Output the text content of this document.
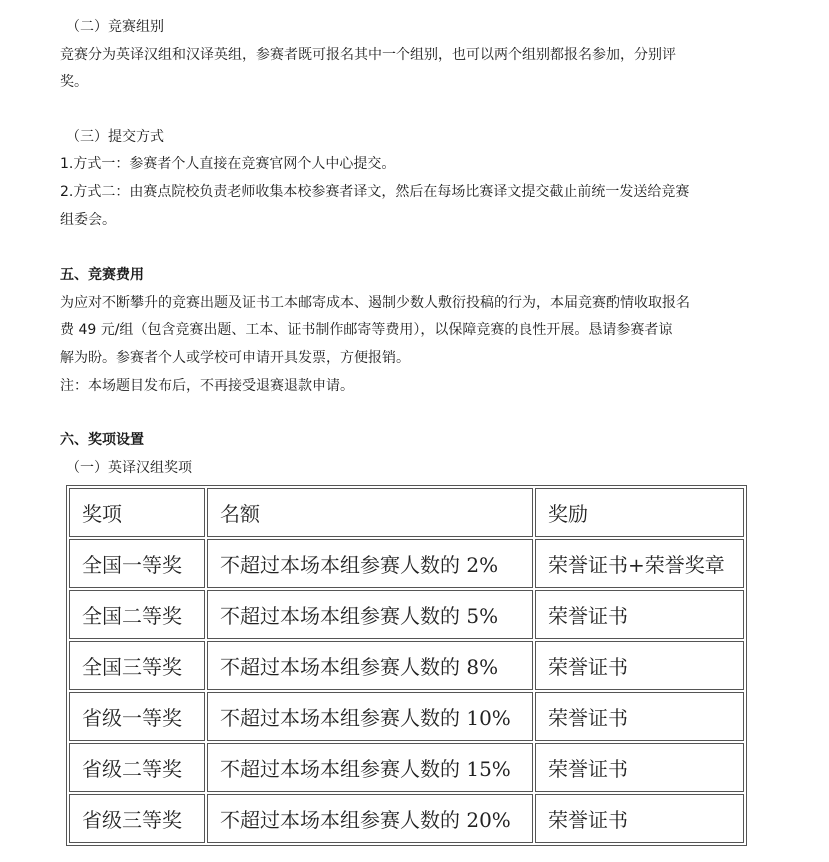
（二）竞赛组别

竞赛分为英译汉组和汉译英组，参赛者既可报名其中一个组别，也可以两个组别都报名参加，分别评

奖。

（三）提交方式

1.方式一：参赛者个人直接在竞赛官网个人中心提交。

2.方式二：由赛点院校负责老师收集本校参赛者译文，然后在每场比赛译文提交截止前统一发送给竞赛

组委会。

五、竞赛费用

为应对不断攀升的竞赛出题及证书工本邮寄成本、遏制少数人敷衍投稿的行为，本届竞赛酌情收取报名

费 49 元/组（包含竞赛出题、工本、证书制作邮寄等费用），以保障竞赛的良性开展。恳请参赛者谅

解为盼。参赛者个人或学校可申请开具发票，方便报销。

注：本场题目发布后，不再接受退赛退款申请。

六、奖项设置

（一）英译汉组奖项

奖项	名额	奖励
全国一等奖	不超过本场本组参赛人数的 2%	荣誉证书+荣誉奖章
全国二等奖	不超过本场本组参赛人数的 5%	荣誉证书
全国三等奖	不超过本场本组参赛人数的 8%	荣誉证书
省级一等奖	不超过本场本组参赛人数的 10%	荣誉证书
省级二等奖	不超过本场本组参赛人数的 15%	荣誉证书
省级三等奖	不超过本场本组参赛人数的 20%	荣誉证书
